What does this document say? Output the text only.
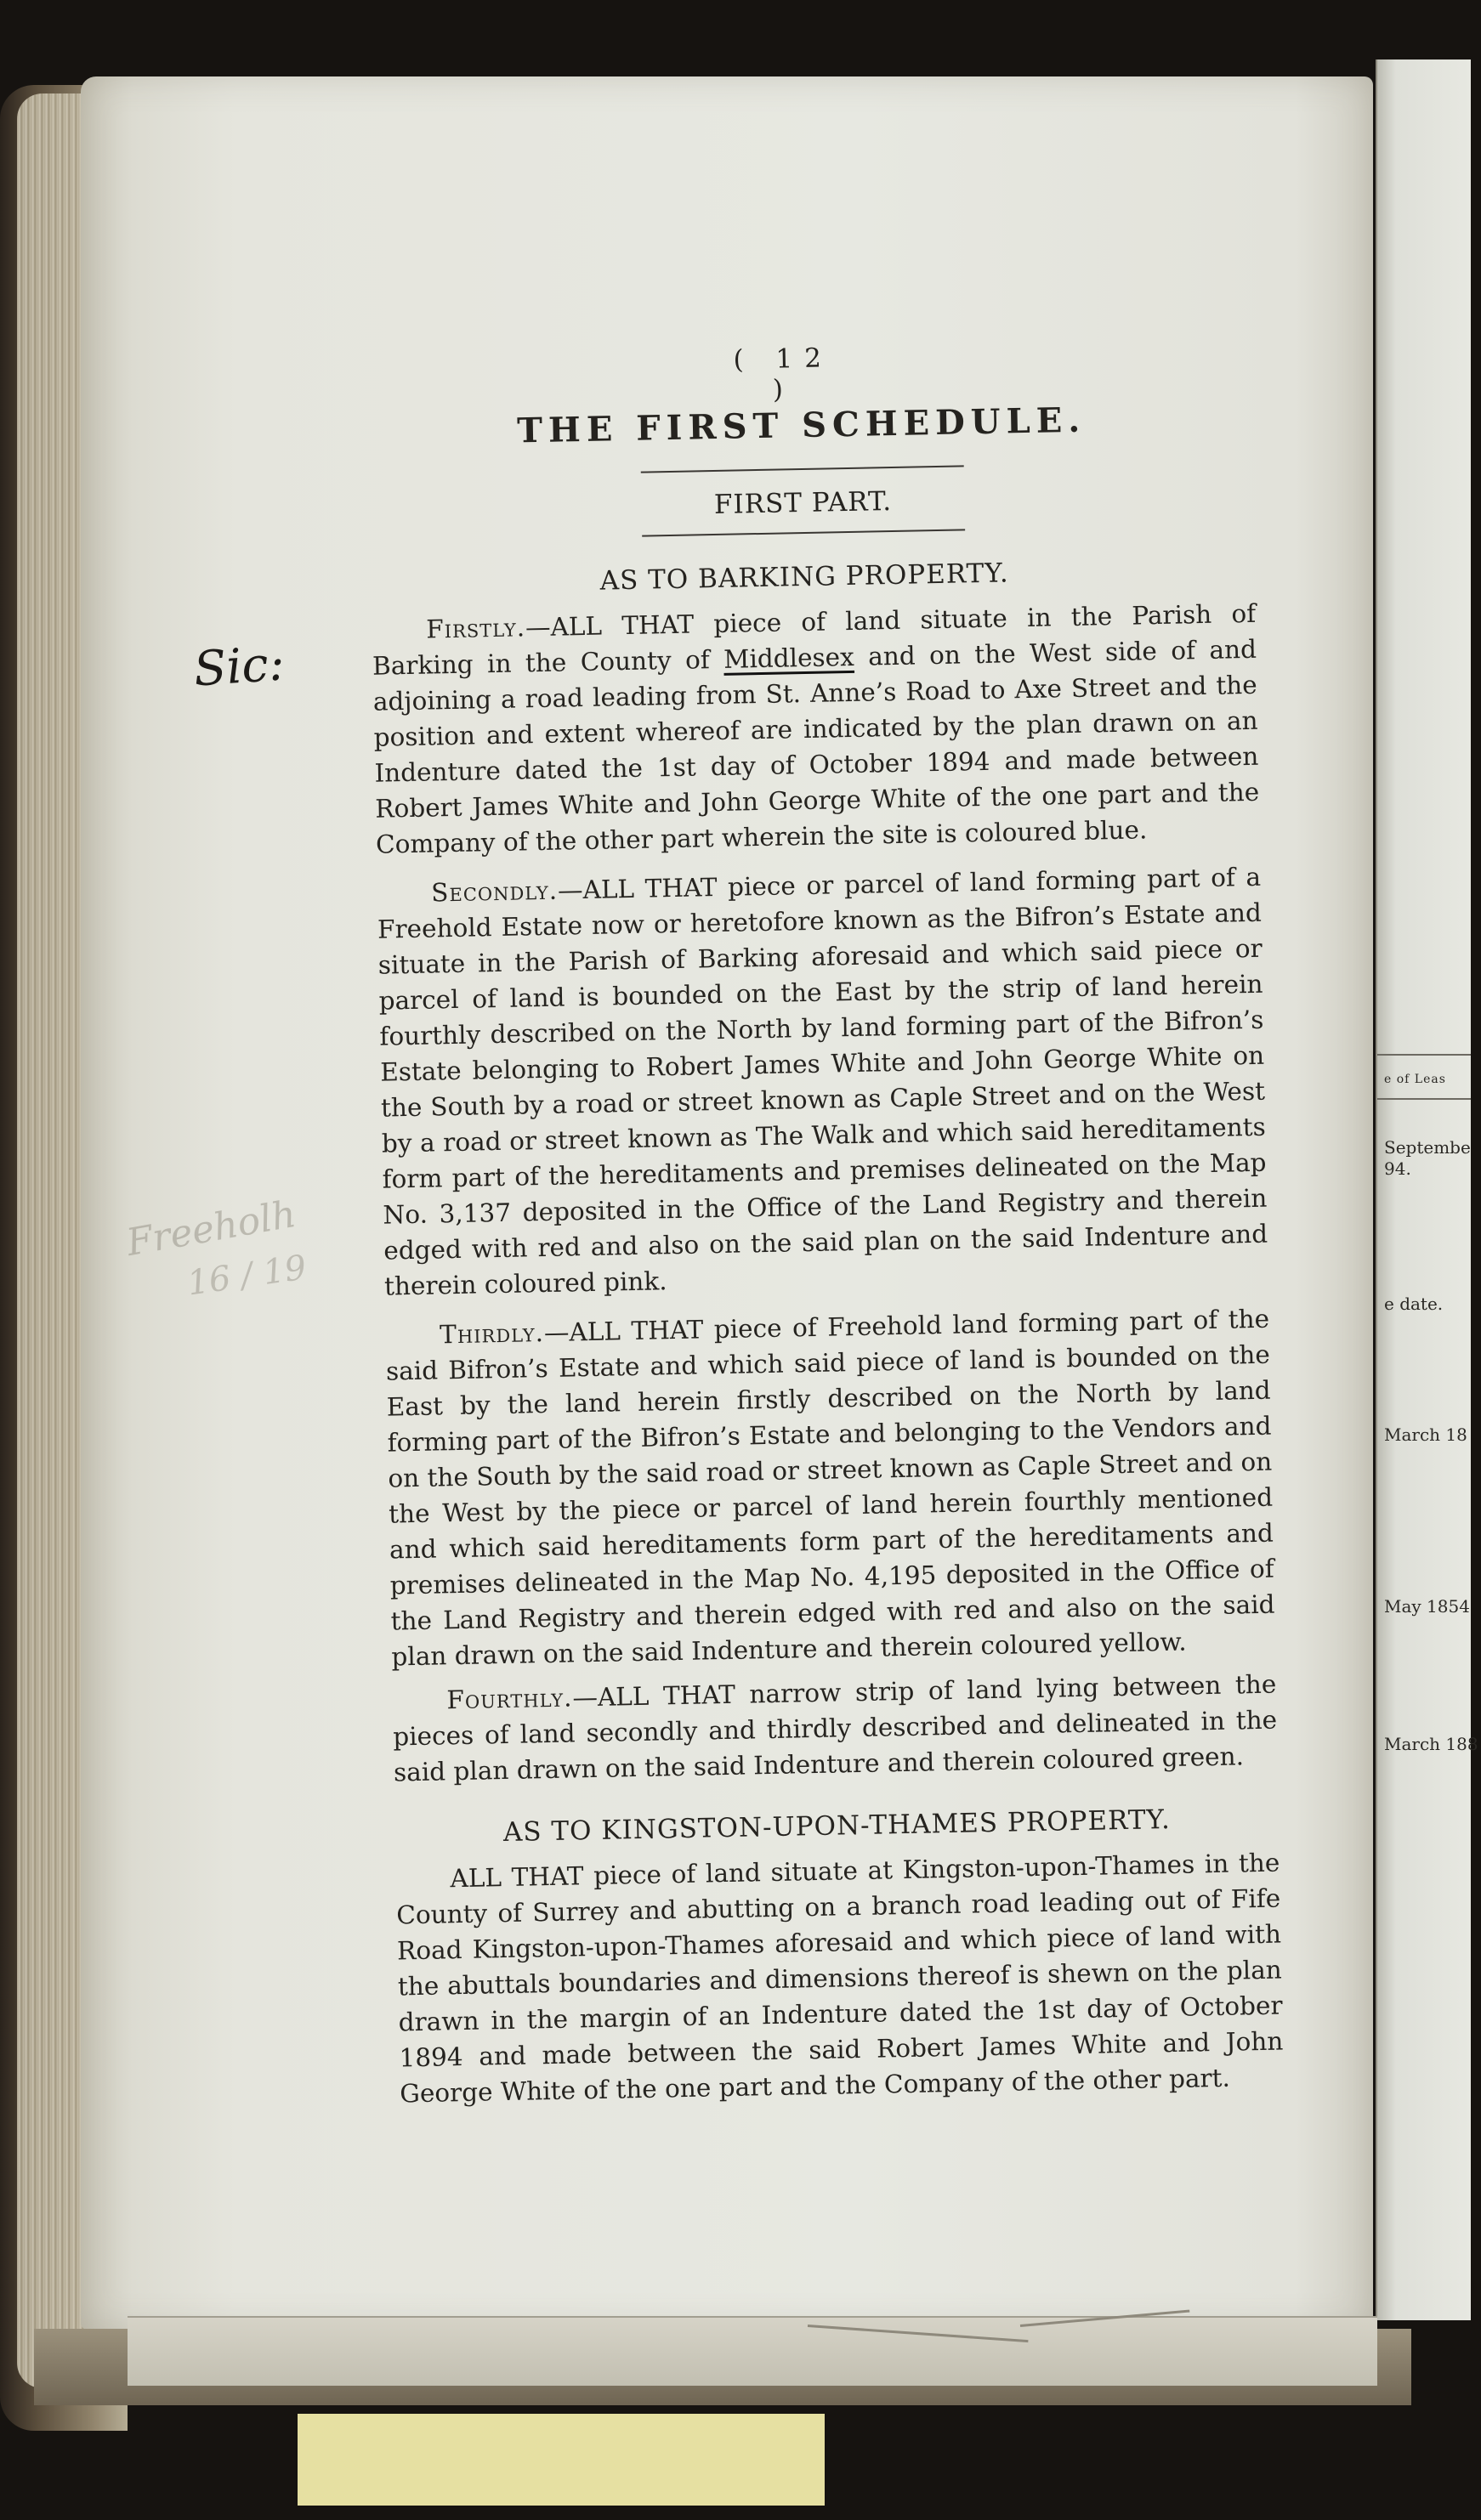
e of Leas
Septembe
94.
e date.
March 18
May 1854
March 188
Sic:
Freeholh
16 / 19
( 12 )
THE FIRST SCHEDULE.
FIRST PART.
AS TO BARKING PROPERTY.

Firstly.—ALL THAT piece of land situate in the Parish of Barking in the County of Middlesex and on the West side of and adjoining a road leading from St. Anne’s Road to Axe Street and the position and extent whereof are indicated by the plan drawn on an Indenture dated the 1st day of October 1894 and made between Robert James White and John George White of the one part and the Company of the other part wherein the site is coloured blue.

Secondly.—ALL THAT piece or parcel of land forming part of a Freehold Estate now or heretofore known as the Bifron’s Estate and situate in the Parish of Barking aforesaid and which said piece or parcel of land is bounded on the East by the strip of land herein fourthly described on the North by land forming part of the Bifron’s Estate belonging to Robert James White and John George White on the South by a road or street known as Caple Street and on the West by a road or street known as The Walk and which said hereditaments form part of the hereditaments and premises delineated on the Map No. 3,137 deposited in the Office of the Land Registry and therein edged with red and also on the said plan on the said Indenture and therein coloured pink.

Thirdly.—ALL THAT piece of Freehold land forming part of the said Bifron’s Estate and which said piece of land is bounded on the East by the land herein firstly described on the North by land forming part of the Bifron’s Estate and belonging to the Vendors and on the South by the said road or street known as Caple Street and on the West by the piece or parcel of land herein fourthly mentioned and which said hereditaments form part of the hereditaments and premises delineated in the Map No. 4,195 deposited in the Office of the Land Registry and therein edged with red and also on the said plan drawn on the said Indenture and therein coloured yellow.

Fourthly.—ALL THAT narrow strip of land lying between the pieces of land secondly and thirdly described and delineated in the said plan drawn on the said Indenture and therein coloured green.

AS TO KINGSTON-UPON-THAMES PROPERTY.

ALL THAT piece of land situate at Kingston-upon-Thames in the County of Surrey and abutting on a branch road leading out of Fife Road Kingston-upon-Thames aforesaid and which piece of land with the abuttals boundaries and dimensions thereof is shewn on the plan drawn in the margin of an Indenture dated the 1st day of October 1894 and made between the said Robert James White and John George White of the one part and the Company of the other part.
